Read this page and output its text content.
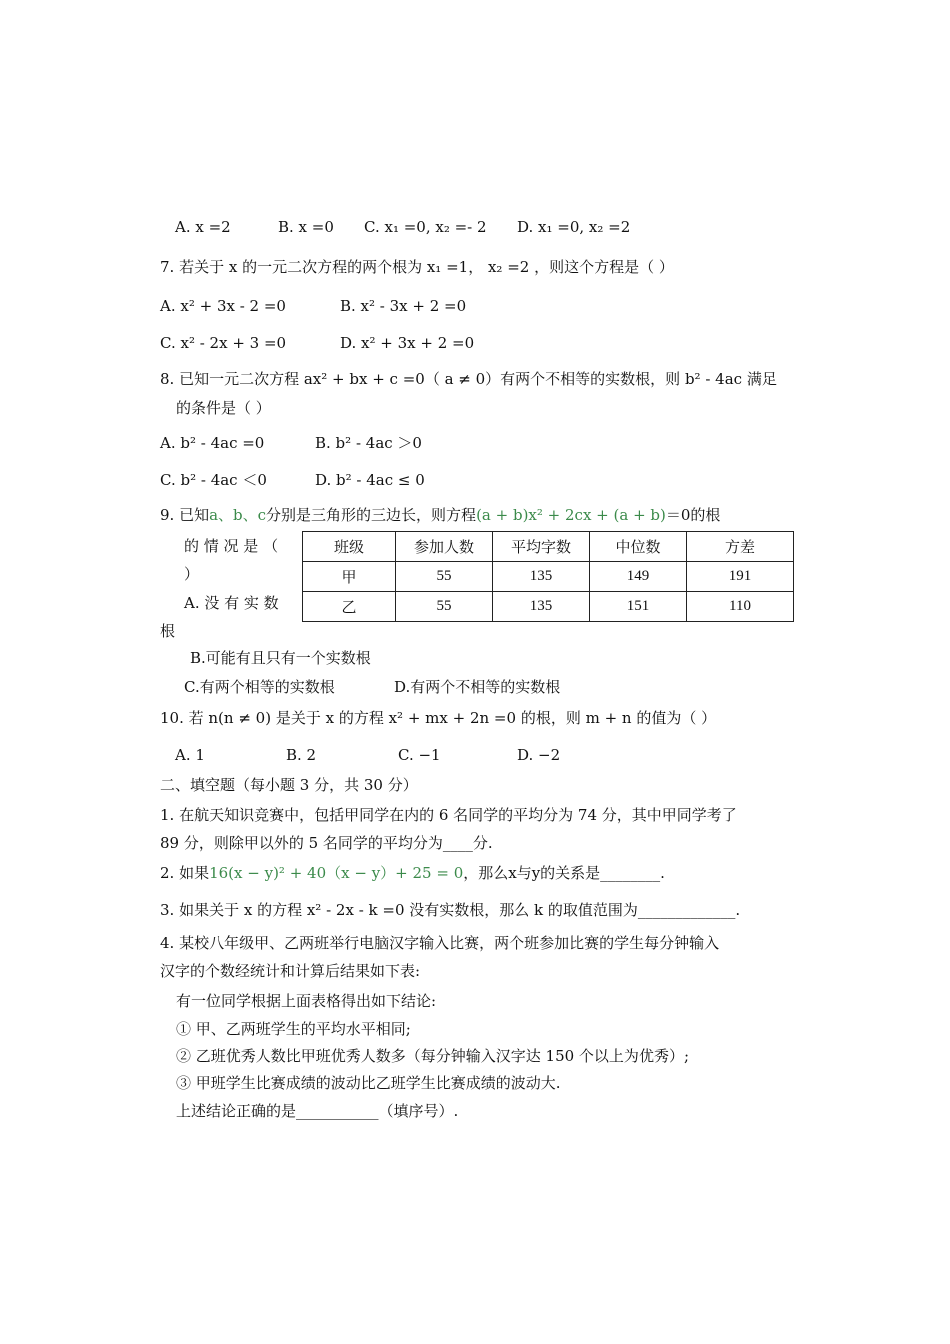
A. x =2	B. x =0 C. x₁ =0, x₂ =- 2 D. x₁ =0, x₂ =2
7. 若关于 x 的一元二次方程的两个根为 x₁ =1， x₂ =2 ，则这个方程是（ ）
A. x² + 3x - 2 =0	B. x² - 3x + 2 =0
C. x² - 2x + 3 =0	D. x² + 3x + 2 =0
8. 已知一元二次方程 ax² + bx + c =0（ a ≠ 0）有两个不相等的实数根，则 b² - 4ac 满足
的条件是（ ）
A. b² - 4ac =0	B. b² - 4ac ＞0
C. b² - 4ac ＜0	D. b² - 4ac ≤ 0
9. 已知a、b、c分别是三角形的三边长，则方程(a + b)x² + 2cx + (a + b)＝0的根
的 情 况 是 （
）
A. 没 有 实 数
根
班级	参加人数	平均字数	中位数	方差
甲	55	135	149	191
乙	55	135	151	110
B.可能有且只有一个实数根
C.有两个相等的实数根	D.有两个不相等的实数根
10. 若 n(n ≠ 0) 是关于 x 的方程 x² + mx + 2n =0 的根，则 m + n 的值为（ ）
A. 1	B. 2	C. −1	D. −2
二、填空题（每小题 3 分，共 30 分）
1. 在航天知识竞赛中，包括甲同学在内的 6 名同学的平均分为 74 分，其中甲同学考了
89 分，则除甲以外的 5 名同学的平均分为____分.
2. 如果16(x − y)² + 40（x − y）+ 25 = 0，那么x与y的关系是________.
3. 如果关于 x 的方程 x² - 2x - k =0 没有实数根，那么 k 的取值范围为_____________.
4. 某校八年级甲、乙两班举行电脑汉字输入比赛，两个班参加比赛的学生每分钟输入
汉字的个数经统计和计算后结果如下表:
有一位同学根据上面表格得出如下结论:
① 甲、乙两班学生的平均水平相同;
② 乙班优秀人数比甲班优秀人数多（每分钟输入汉字达 150 个以上为优秀）;
③ 甲班学生比赛成绩的波动比乙班学生比赛成绩的波动大.
上述结论正确的是___________（填序号）.
